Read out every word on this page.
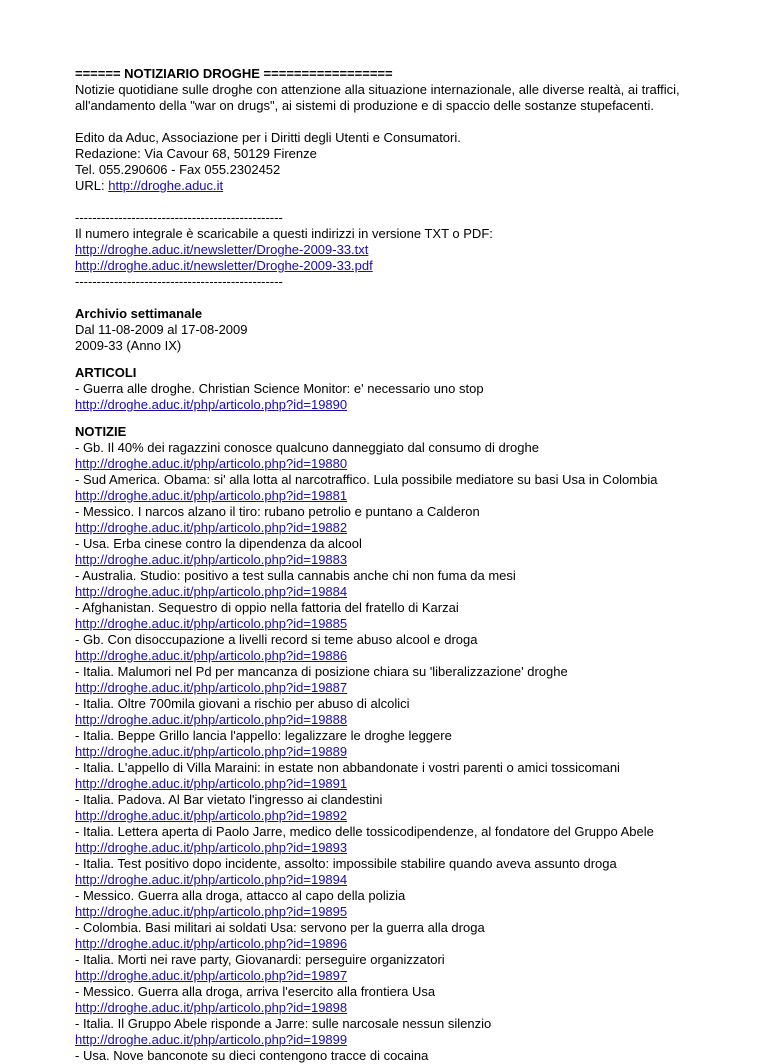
====== NOTIZIARIO DROGHE =================
Notizie quotidiane sulle droghe con attenzione alla situazione internazionale, alle diverse realtà, ai traffici, all'andamento della "war on drugs", ai sistemi di produzione e di spaccio delle sostanze stupefacenti.
Edito da Aduc, Associazione per i Diritti degli Utenti e Consumatori.
Redazione: Via Cavour 68, 50129 Firenze
Tel. 055.290606 - Fax 055.2302452
URL: http://droghe.aduc.it
------------------------------------------------
Il numero integrale è scaricabile a questi indirizzi in versione TXT o PDF:
http://droghe.aduc.it/newsletter/Droghe-2009-33.txt
http://droghe.aduc.it/newsletter/Droghe-2009-33.pdf
------------------------------------------------
Archivio settimanale
Dal 11-08-2009 al 17-08-2009
2009-33 (Anno IX)
ARTICOLI
- Guerra alle droghe. Christian Science Monitor: e' necessario uno stop
http://droghe.aduc.it/php/articolo.php?id=19890
NOTIZIE
- Gb. Il 40% dei ragazzini conosce qualcuno danneggiato dal consumo di droghe
http://droghe.aduc.it/php/articolo.php?id=19880
- Sud America. Obama: si' alla lotta al narcotraffico. Lula possibile mediatore su basi Usa in Colombia
http://droghe.aduc.it/php/articolo.php?id=19881
- Messico. I narcos alzano il tiro: rubano petrolio e puntano a Calderon
http://droghe.aduc.it/php/articolo.php?id=19882
- Usa. Erba cinese contro la dipendenza da alcool
http://droghe.aduc.it/php/articolo.php?id=19883
- Australia. Studio: positivo a test sulla cannabis anche chi non fuma da mesi
http://droghe.aduc.it/php/articolo.php?id=19884
- Afghanistan. Sequestro di oppio nella fattoria del fratello di Karzai
http://droghe.aduc.it/php/articolo.php?id=19885
- Gb. Con disoccupazione a livelli record si teme abuso alcool e droga
http://droghe.aduc.it/php/articolo.php?id=19886
- Italia. Malumori nel Pd per mancanza di posizione chiara su 'liberalizzazione' droghe
http://droghe.aduc.it/php/articolo.php?id=19887
- Italia. Oltre 700mila giovani a rischio per abuso di alcolici
http://droghe.aduc.it/php/articolo.php?id=19888
- Italia. Beppe Grillo lancia l'appello: legalizzare le droghe leggere
http://droghe.aduc.it/php/articolo.php?id=19889
- Italia. L'appello di Villa Maraini: in estate non abbandonate i vostri parenti o amici tossicomani
http://droghe.aduc.it/php/articolo.php?id=19891
- Italia. Padova. Al Bar vietato l'ingresso ai clandestini
http://droghe.aduc.it/php/articolo.php?id=19892
- Italia. Lettera aperta di Paolo Jarre, medico delle tossicodipendenze, al fondatore del Gruppo Abele
http://droghe.aduc.it/php/articolo.php?id=19893
- Italia. Test positivo dopo incidente, assolto: impossibile stabilire quando aveva assunto droga
http://droghe.aduc.it/php/articolo.php?id=19894
- Messico. Guerra alla droga, attacco al capo della polizia
http://droghe.aduc.it/php/articolo.php?id=19895
- Colombia. Basi militari ai soldati Usa: servono per la guerra alla droga
http://droghe.aduc.it/php/articolo.php?id=19896
- Italia. Morti nei rave party, Giovanardi: perseguire organizzatori
http://droghe.aduc.it/php/articolo.php?id=19897
- Messico. Guerra alla droga, arriva l'esercito alla frontiera Usa
http://droghe.aduc.it/php/articolo.php?id=19898
- Italia. Il Gruppo Abele risponde a Jarre: sulle narcosale nessun silenzio
http://droghe.aduc.it/php/articolo.php?id=19899
- Usa. Nove banconote su dieci contengono tracce di cocaina
